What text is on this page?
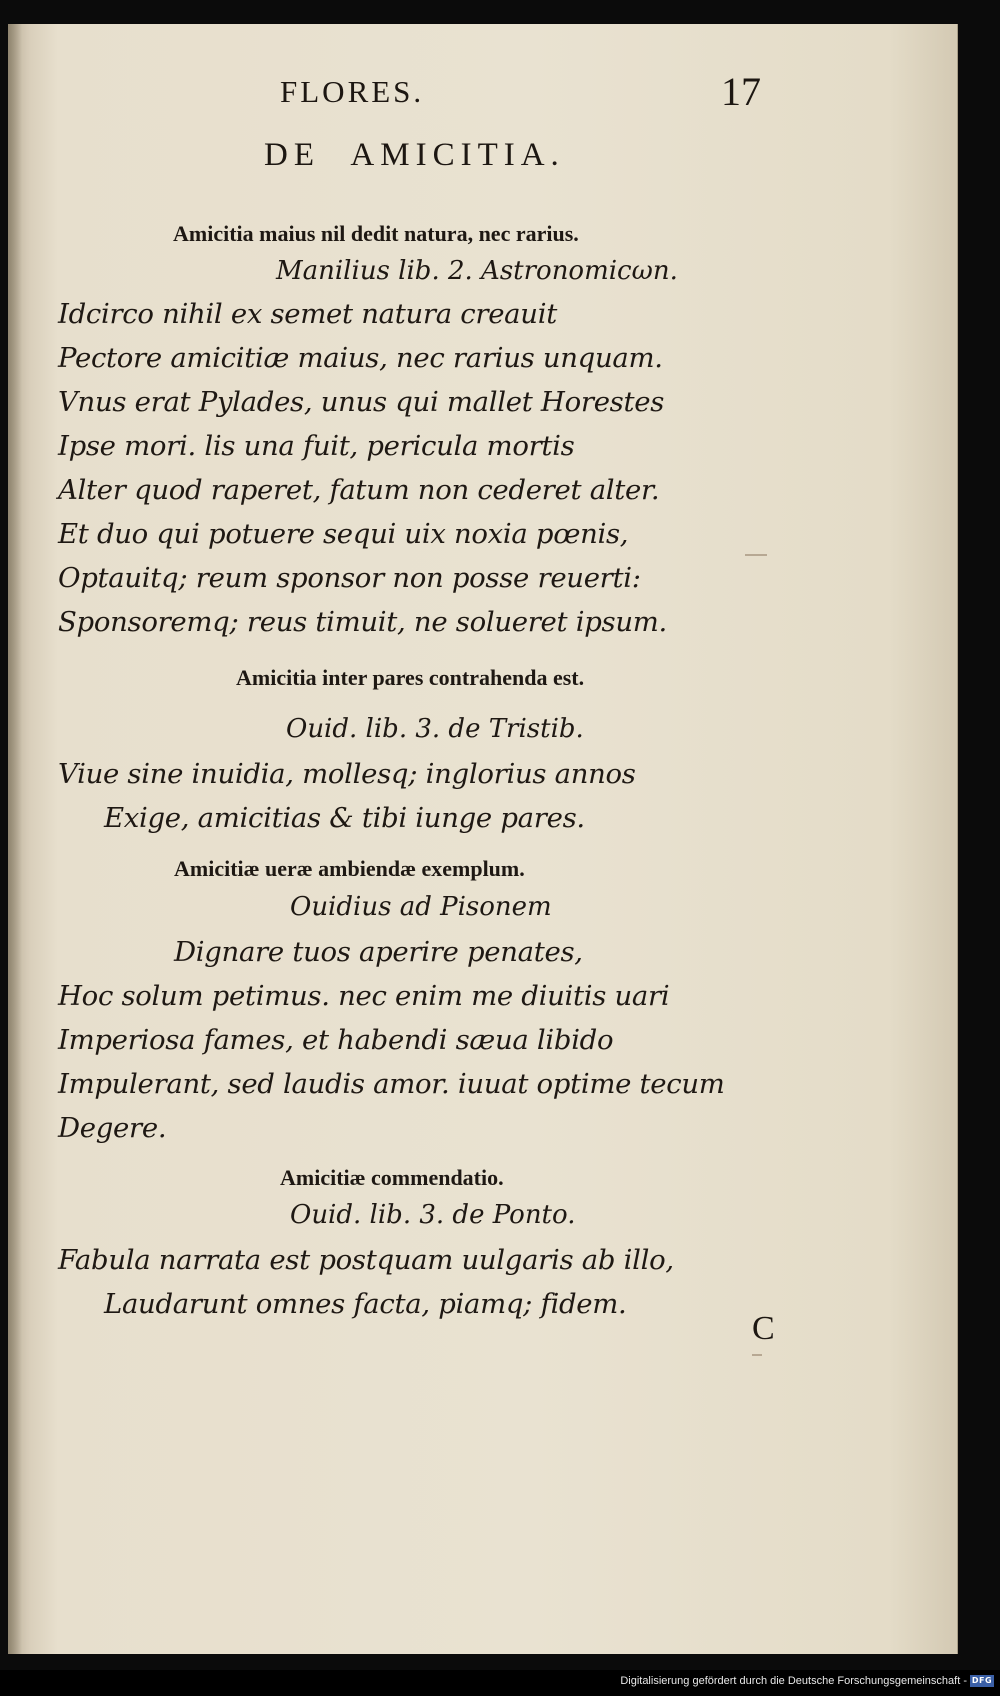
FLORES.	17
DE AMICITIA.
Amicitia maius nil dedit natura, nec rarius.
Manilius lib. 2. Astronomicωn.
Idcirco nihil ex semet natura creauit
Pectore amicitiæ maius, nec rarius unquam.
Vnus erat Pylades, unus qui mallet Horestes
Ipse mori. lis una fuit, pericula mortis
Alter quod raperet, fatum non cederet alter.
Et duo qui potuere sequi uix noxia pœnis,
Optauitq; reum sponsor non posse reuerti:
Sponsoremq; reus timuit, ne solueret ipsum.
Amicitia inter pares contrahenda est.
Ouid. lib. 3. de Tristib.
Viue sine inuidia, mollesq; inglorius annos
Exige, amicitias & tibi iunge pares.
Amicitiæ ueræ ambiendæ exemplum.
Ouidius ad Pisonem
Dignare tuos aperire penates,
Hoc solum petimus. nec enim me diuitis uari
Imperiosa fames, et habendi sæua libido
Impulerant, sed laudis amor. iuuat optime tecum
Degere.
Amicitiæ commendatio.
Ouid. lib. 3. de Ponto.
Fabula narrata est postquam uulgaris ab illo,
Laudarunt omnes facta, piamq; fidem.
C
Digitalisierung gefördert durch die Deutsche Forschungsgemeinschaft - DFG
